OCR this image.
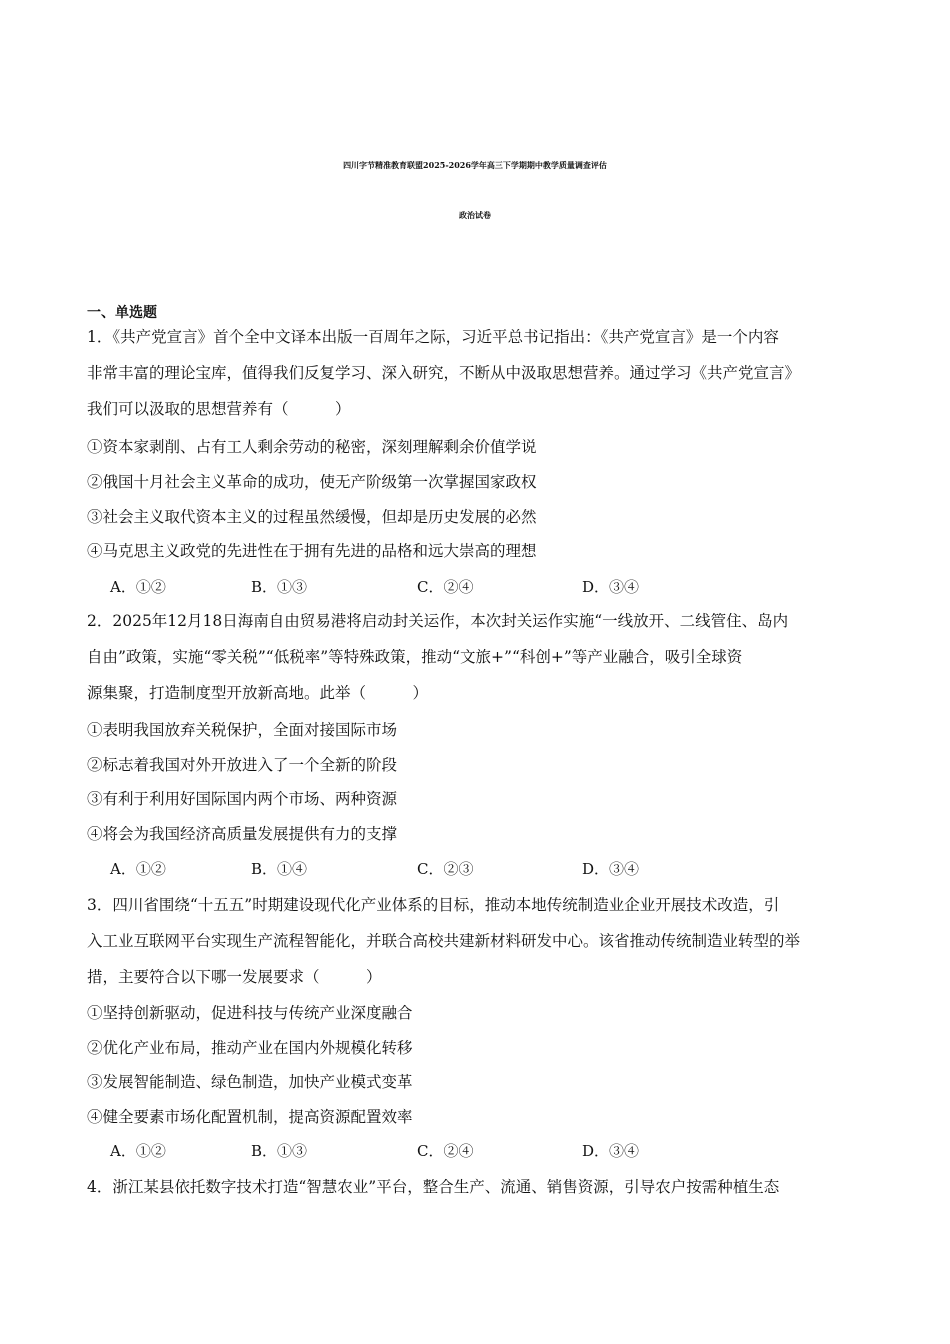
四川字节精准教育联盟2025-2026学年高三下学期期中教学质量调查评估
政治试卷
一、单选题
1．《共产党宣言》首个全中文译本出版一百周年之际，习近平总书记指出：《共产党宣言》是一个内容
非常丰富的理论宝库，值得我们反复学习、深入研究，不断从中汲取思想营养。通过学习《共产党宣言》
我们可以汲取的思想营养有（　　　）
①资本家剥削、占有工人剩余劳动的秘密，深刻理解剩余价值学说
②俄国十月社会主义革命的成功，使无产阶级第一次掌握国家政权
③社会主义取代资本主义的过程虽然缓慢，但却是历史发展的必然
④马克思主义政党的先进性在于拥有先进的品格和远大崇高的理想
A．①②	B．①③	C．②④	D．③④
2．2025年12月18日海南自由贸易港将启动封关运作，本次封关运作实施“一线放开、二线管住、岛内
自由”政策，实施“零关税”“低税率”等特殊政策，推动“文旅+”“科创+”等产业融合，吸引全球资
源集聚，打造制度型开放新高地。此举（　　　）
①表明我国放弃关税保护，全面对接国际市场
②标志着我国对外开放进入了一个全新的阶段
③有利于利用好国际国内两个市场、两种资源
④将会为我国经济高质量发展提供有力的支撑
A．①②	B．①④	C．②③	D．③④
3．四川省围绕“十五五”时期建设现代化产业体系的目标，推动本地传统制造业企业开展技术改造，引
入工业互联网平台实现生产流程智能化，并联合高校共建新材料研发中心。该省推动传统制造业转型的举
措，主要符合以下哪一发展要求（　　　）
①坚持创新驱动，促进科技与传统产业深度融合
②优化产业布局，推动产业在国内外规模化转移
③发展智能制造、绿色制造，加快产业模式变革
④健全要素市场化配置机制，提高资源配置效率
A．①②	B．①③	C．②④	D．③④
4．浙江某县依托数字技术打造“智慧农业”平台，整合生产、流通、销售资源，引导农户按需种植生态
